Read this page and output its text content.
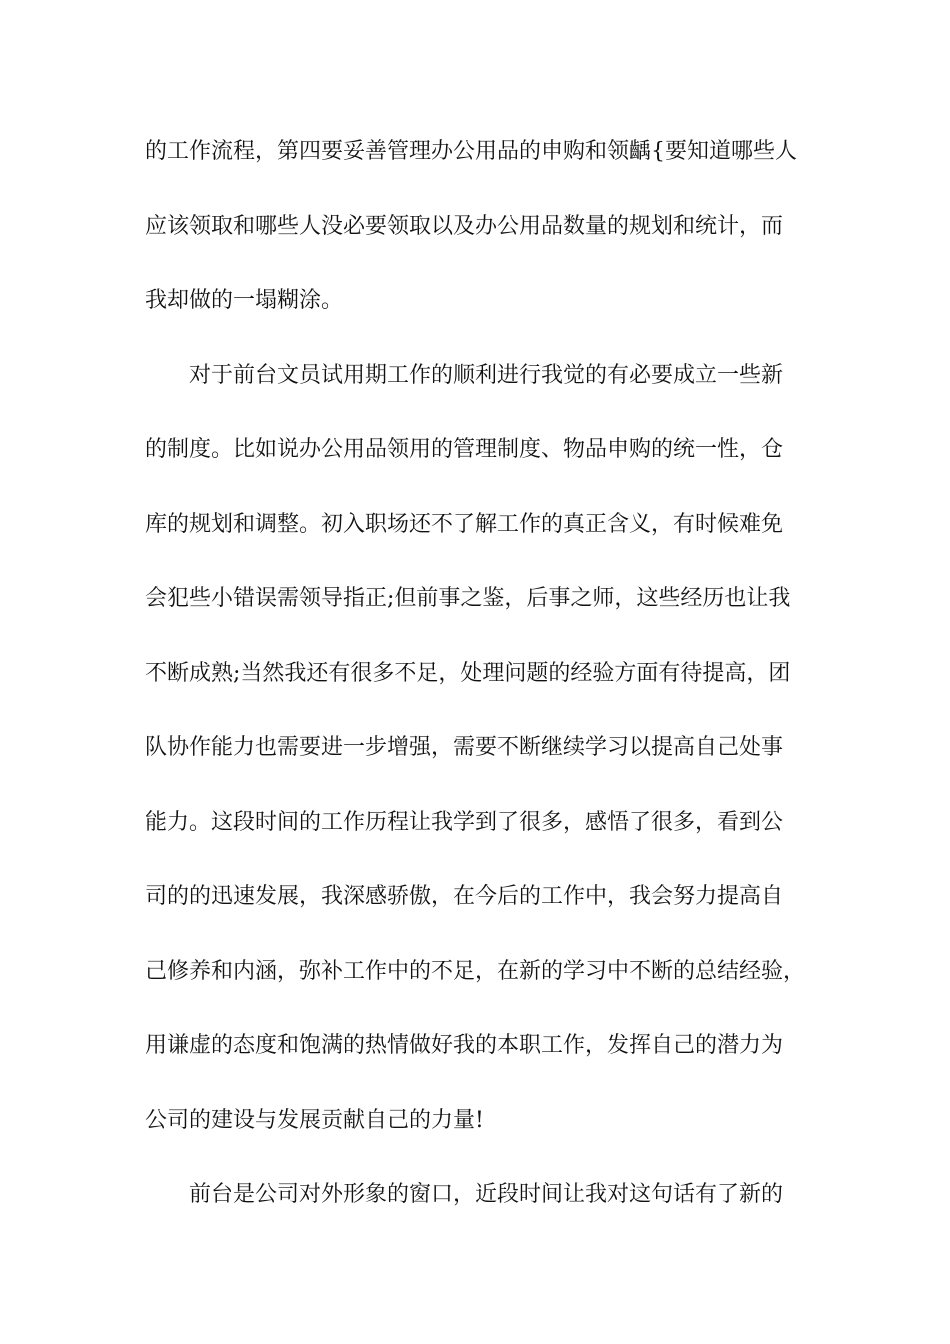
的工作流程，第四要妥善管理办公用品的申购和领齲{要知道哪些人
应该领取和哪些人没必要领取以及办公用品数量的规划和统计，而
我却做的一塌糊涂。
对于前台文员试用期工作的顺利进行我觉的有必要成立一些新
的制度。比如说办公用品领用的管理制度、物品申购的统一性，仓
库的规划和调整。初入职场还不了解工作的真正含义，有时候难免
会犯些小错误需领导指正;但前事之鉴，后事之师，这些经历也让我
不断成熟;当然我还有很多不足，处理问题的经验方面有待提高，团
队协作能力也需要进一步增强，需要不断继续学习以提高自己处事
能力。这段时间的工作历程让我学到了很多，感悟了很多，看到公
司的的迅速发展，我深感骄傲，在今后的工作中，我会努力提高自
己修养和内涵，弥补工作中的不足，在新的学习中不断的总结经验，
用谦虚的态度和饱满的热情做好我的本职工作，发挥自己的潜力为
公司的建设与发展贡献自己的力量!
前台是公司对外形象的窗口，近段时间让我对这句话有了新的
